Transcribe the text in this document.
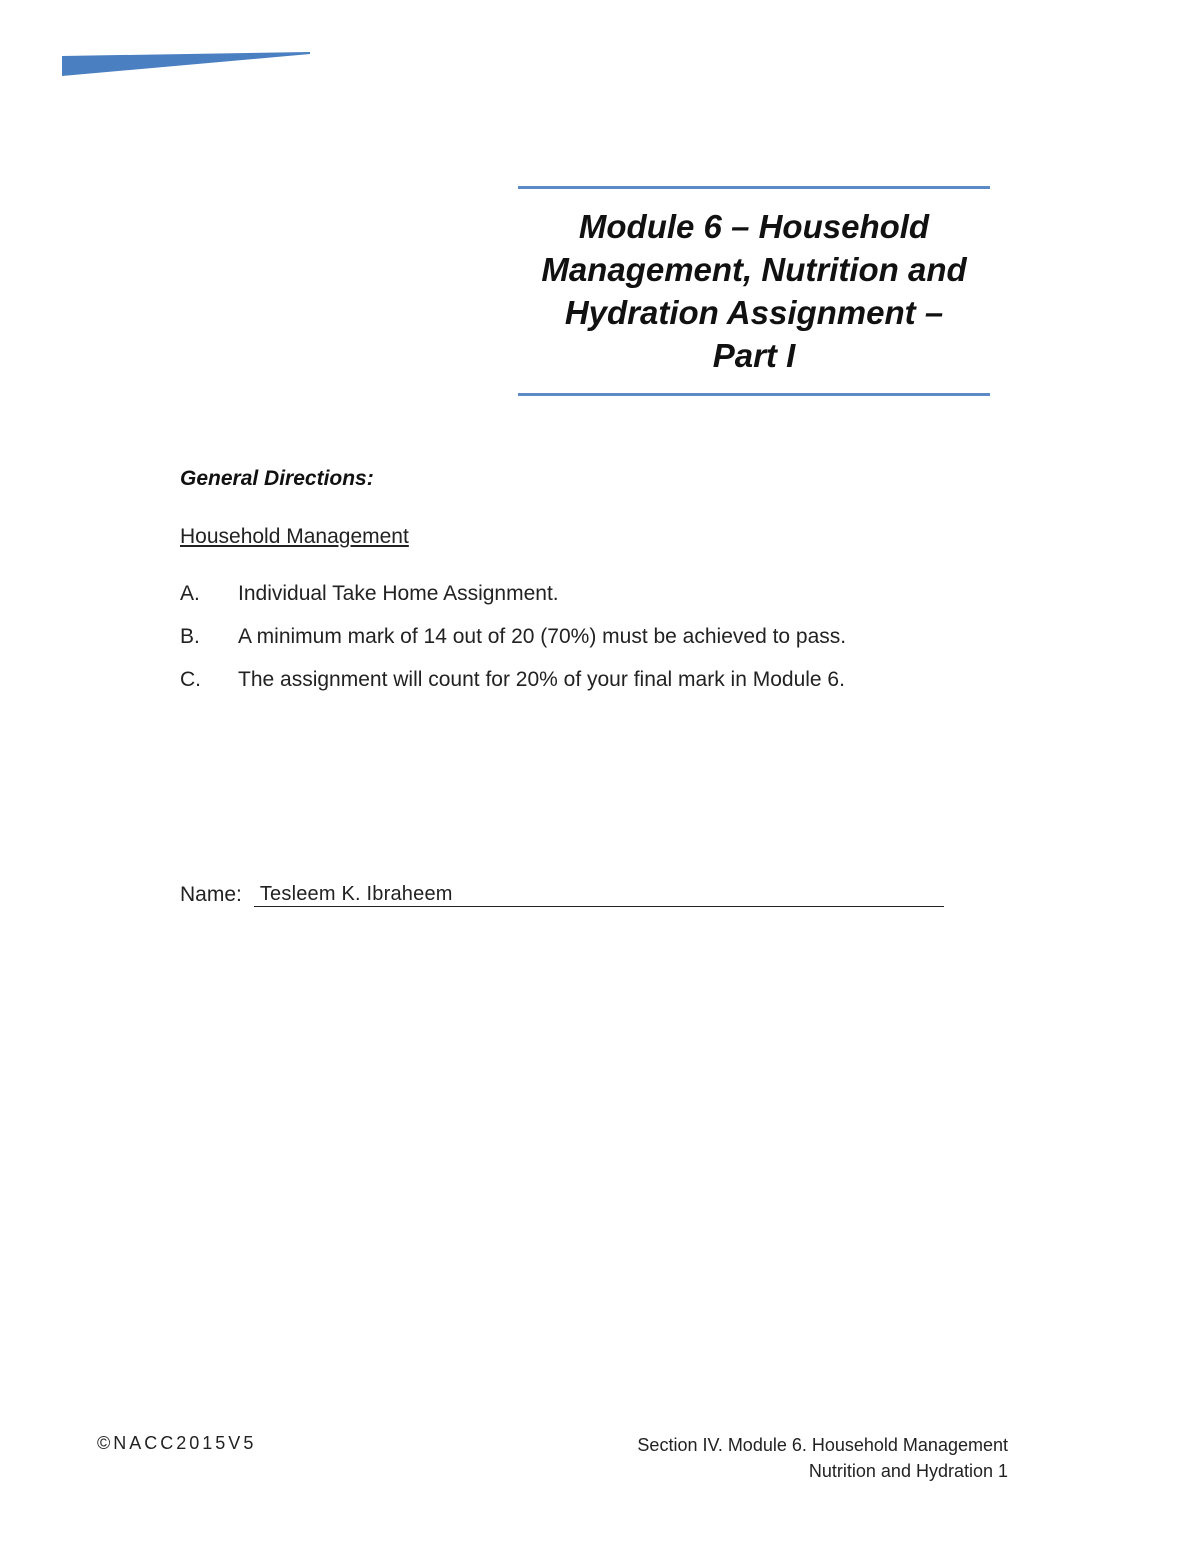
Module 6 – Household Management, Nutrition and Hydration Assignment – Part I

General Directions:

Household Management

A.	Individual Take Home Assignment.
B.	A minimum mark of 14 out of 20 (70%) must be achieved to pass.
C.	The assignment will count for 20% of your final mark in Module 6.
Name: Tesleem K. Ibraheem
©NACC2015V5	Section IV. Module 6. Household Management
Nutrition and Hydration 1
